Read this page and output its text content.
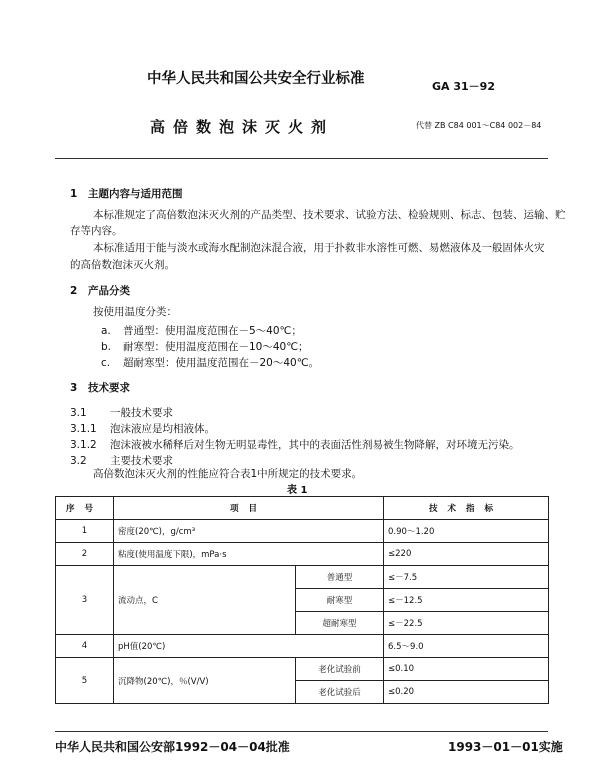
中华人民共和国公共安全行业标准	GA 31－92
高倍数泡沫灭火剂	代替 ZB C84 001～C84 002－84
1 主题内容与适用范围
本标准规定了高倍数泡沫灭火剂的产品类型、技术要求、试验方法、检验规则、标志、包装、运输、贮
存等内容。
本标准适用于能与淡水或海水配制泡沫混合液，用于扑救非水溶性可燃、易燃液体及一般固体火灾
的高倍数泡沫灭火剂。
2 产品分类
按使用温度分类：
a. 普通型：使用温度范围在－5～40℃；
b. 耐寒型：使用温度范围在－10～40℃；
c. 超耐寒型：使用温度范围在－20～40℃。
3 技术要求
3.1 一般技术要求
3.1.1 泡沫液应是均相液体。
3.1.2 泡沫液被水稀释后对生物无明显毒性，其中的表面活性剂易被生物降解，对环境无污染。
3.2 主要技术要求
高倍数泡沫灭火剂的性能应符合表1中所规定的技术要求。
表 1
序号	项目		技术指标
1	密度(20℃)，g/cm³		0.90～1.20
2	粘度(使用温度下限)，mPa·s		≤220
3	流动点，C	普通型	≤－7.5
		耐寒型	≤－12.5
		超耐寒型	≤－22.5
4	pH值(20℃)		6.5～9.0
5	沉降物(20℃)，％(V/V)	老化试验前	≤0.10
		老化试验后	≤0.20
中华人民共和国公安部1992－04－04批准	1993－01－01实施
